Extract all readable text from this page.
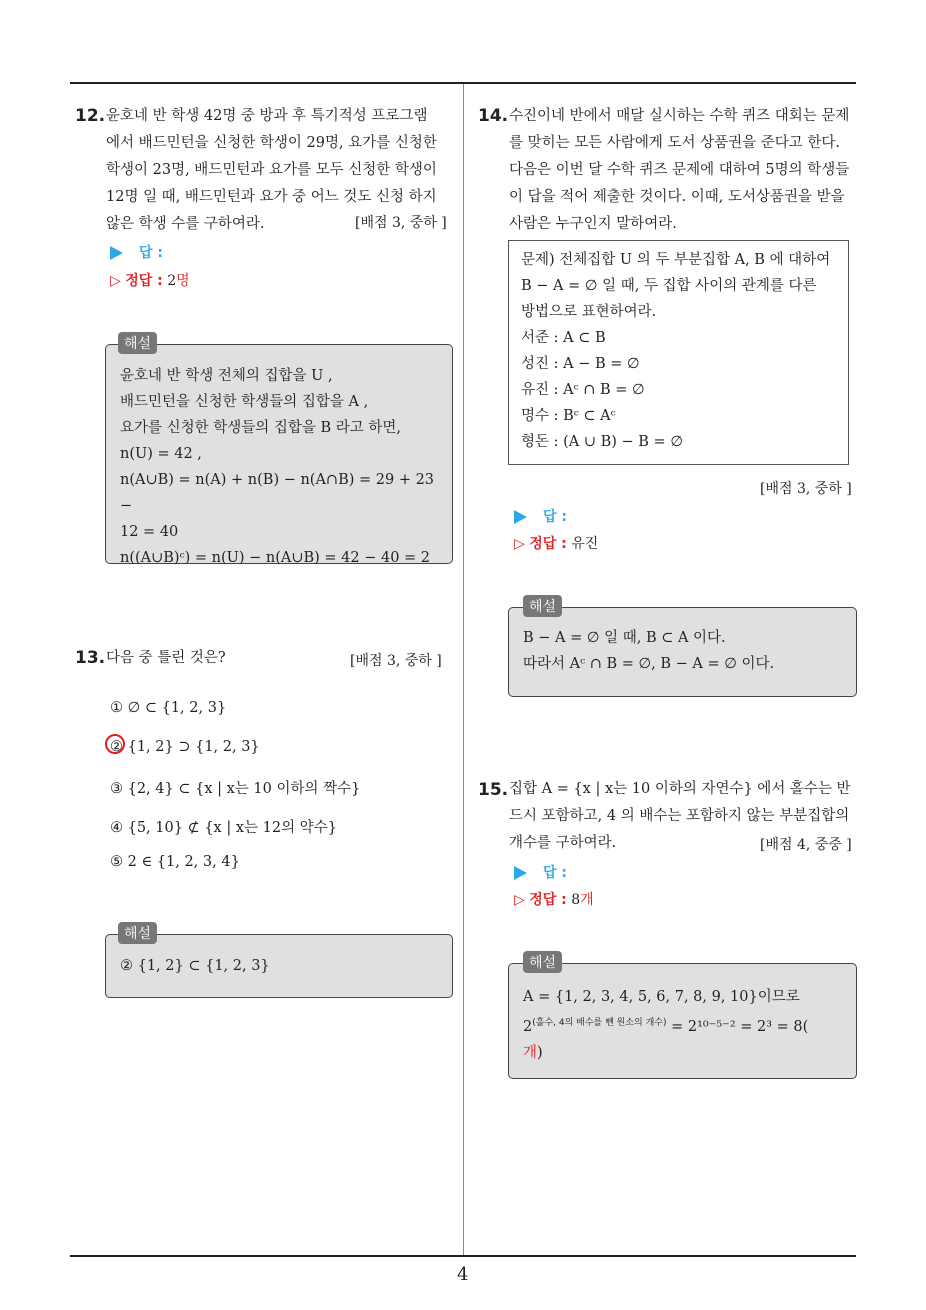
4
12. 윤호네 반 학생 42명 중 방과 후 특기적성 프로그램
에서 배드민턴을 신청한 학생이 29명, 요가를 신청한
학생이 23명, 배드민턴과 요가를 모두 신청한 학생이
12명 일 때, 배드민턴과 요가 중 어느 것도 신청 하지
않은 학생 수를 구하여라.	[배점 3, 중하 ]
답 :
▷ 정답 : 2명
윤호네 반 학생 전체의 집합을 U ,
배드민턴을 신청한 학생들의 집합을 A ,
요가를 신청한 학생들의 집합을 B 라고 하면,
n(U) = 42 ,
n(A∪B) = n(A) + n(B) − n(A∩B) = 29 + 23 −
12 = 40
n((A∪B)ᶜ) = n(U) − n(A∪B) = 42 − 40 = 2
해설
13. 다음 중 틀린 것은?	[배점 3, 중하 ]
① ∅ ⊂ {1, 2, 3}
② {1, 2} ⊃ {1, 2, 3}
③ {2, 4} ⊂ {x | x는 10 이하의 짝수}
④ {5, 10} ⊄ {x | x는 12의 약수}
⑤ 2 ∈ {1, 2, 3, 4}
② {1, 2} ⊂ {1, 2, 3}
해설
14. 수진이네 반에서 매달 실시하는 수학 퀴즈 대회는 문제
를 맞히는 모든 사람에게 도서 상품권을 준다고 한다.
다음은 이번 달 수학 퀴즈 문제에 대하여 5명의 학생들
이 답을 적어 제출한 것이다. 이때, 도서상품권을 받을
사람은 누구인지 말하여라.
문제) 전체집합 U 의 두 부분집합 A, B 에 대하여
B − A = ∅ 일 때, 두 집합 사이의 관계를 다른
방법으로 표현하여라.
서준 : A ⊂ B
성진 : A − B = ∅
유진 : Aᶜ ∩ B = ∅
명수 : Bᶜ ⊂ Aᶜ
형돈 : (A ∪ B) − B = ∅
[배점 3, 중하 ]
답 :
▷ 정답 : 유진
B − A = ∅ 일 때, B ⊂ A 이다.
따라서 Aᶜ ∩ B = ∅, B − A = ∅ 이다.
해설
15. 집합 A = {x | x는 10 이하의 자연수} 에서 홀수는 반
드시 포함하고, 4 의 배수는 포함하지 않는 부분집합의
개수를 구하여라.	[배점 4, 중중 ]
답 :
▷ 정답 : 8개
A = {1, 2, 3, 4, 5, 6, 7, 8, 9, 10}이므로
$2^{(홀수, 4의 배수를 뺀 원소의 개수)} = 2^{10-5-2} = 2^3 = 8$(
개)
해설
